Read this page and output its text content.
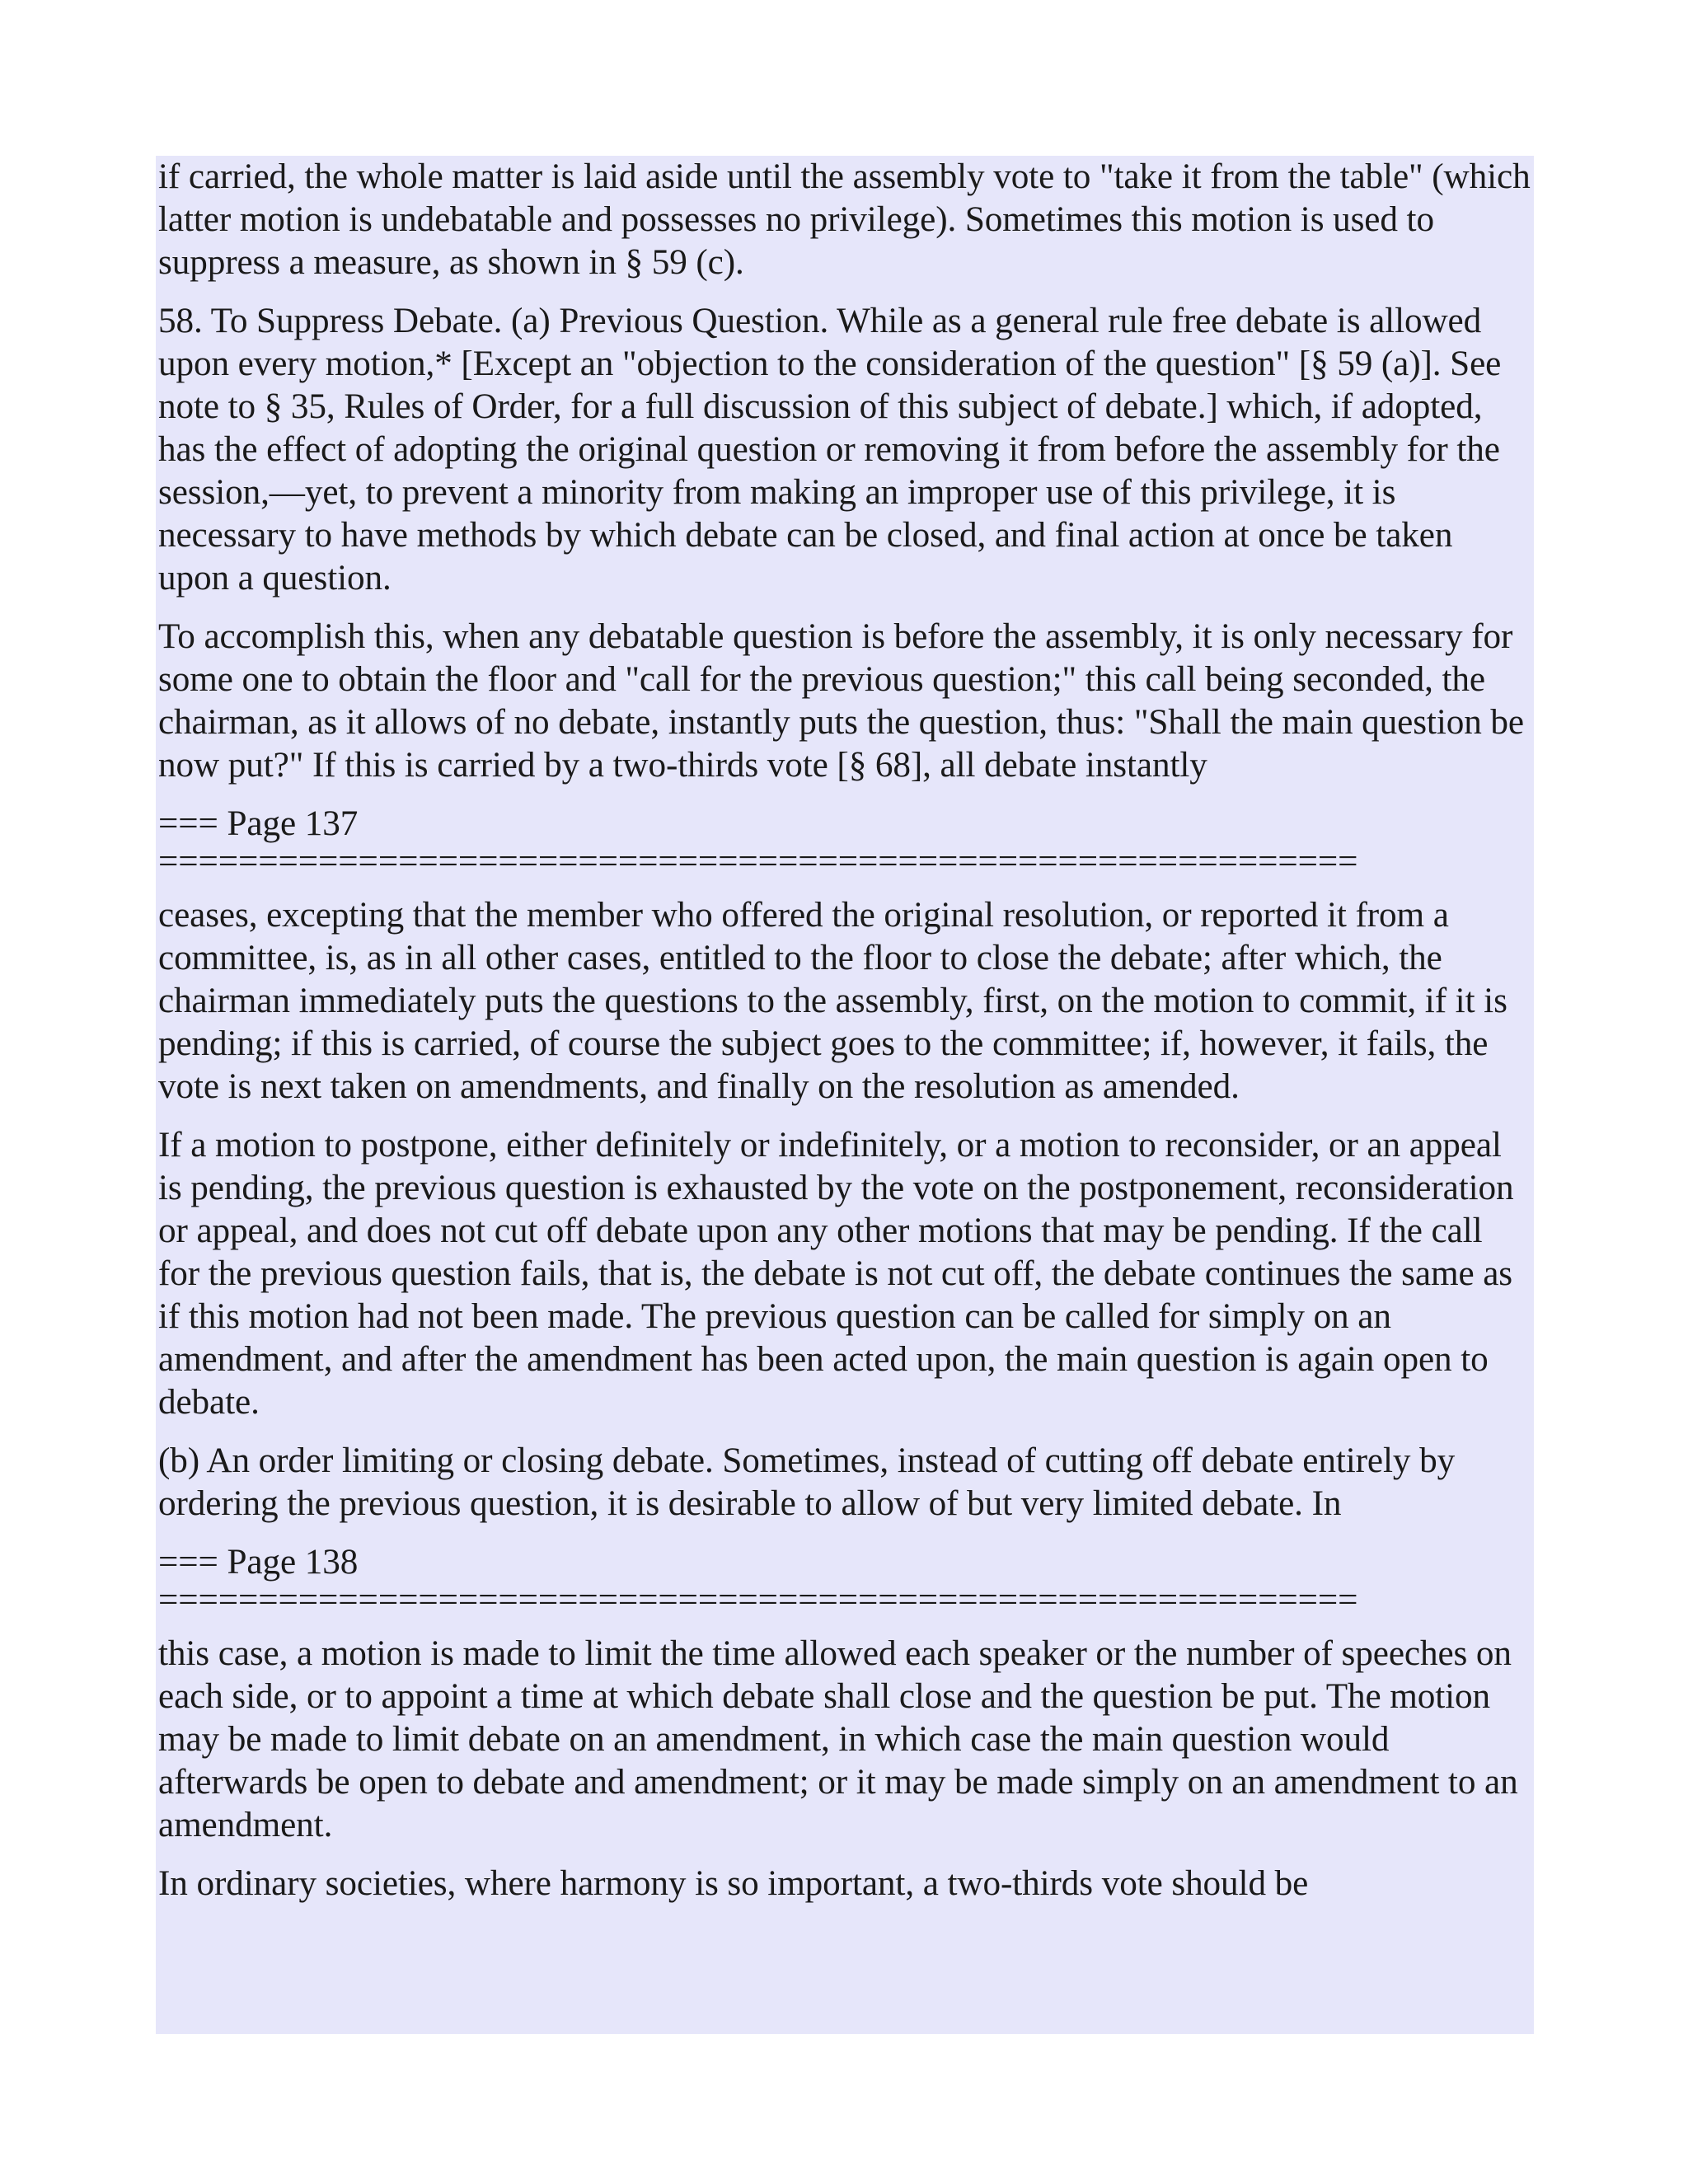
if carried, the whole matter is laid aside until the assembly vote to "take it from the table" (which latter motion is undebatable and possesses no privilege). Sometimes this motion is used to suppress a measure, as shown in § 59 (c).

58. To Suppress Debate. (a) Previous Question. While as a general rule free debate is allowed upon every motion,* [Except an "objection to the consideration of the question" [§ 59 (a)]. See note to § 35, Rules of Order, for a full discussion of this subject of debate.] which, if adopted, has the effect of adopting the original question or removing it from before the assembly for the session,—yet, to prevent a minority from making an improper use of this privilege, it is necessary to have methods by which debate can be closed, and final action at once be taken upon a question.

To accomplish this, when any debatable question is before the assembly, it is only necessary for some one to obtain the floor and "call for the previous question;" this call being seconded, the chairman, as it allows of no debate, instantly puts the question, thus: "Shall the main question be now put?" If this is carried by a two-thirds vote [§ 68], all debate instantly

=== Page 137
============================================================

ceases, excepting that the member who offered the original resolution, or reported it from a committee, is, as in all other cases, entitled to the floor to close the debate; after which, the chairman immediately puts the questions to the assembly, first, on the motion to commit, if it is pending; if this is carried, of course the subject goes to the committee; if, however, it fails, the vote is next taken on amendments, and finally on the resolution as amended.

If a motion to postpone, either definitely or indefinitely, or a motion to reconsider, or an appeal is pending, the previous question is exhausted by the vote on the postponement, reconsideration or appeal, and does not cut off debate upon any other motions that may be pending. If the call for the previous question fails, that is, the debate is not cut off, the debate continues the same as if this motion had not been made. The previous question can be called for simply on an amendment, and after the amendment has been acted upon, the main question is again open to debate.

(b) An order limiting or closing debate. Sometimes, instead of cutting off debate entirely by ordering the previous question, it is desirable to allow of but very limited debate. In

=== Page 138
============================================================

this case, a motion is made to limit the time allowed each speaker or the number of speeches on each side, or to appoint a time at which debate shall close and the question be put. The motion may be made to limit debate on an amendment, in which case the main question would afterwards be open to debate and amendment; or it may be made simply on an amendment to an amendment.

In ordinary societies, where harmony is so important, a two-thirds vote should be
